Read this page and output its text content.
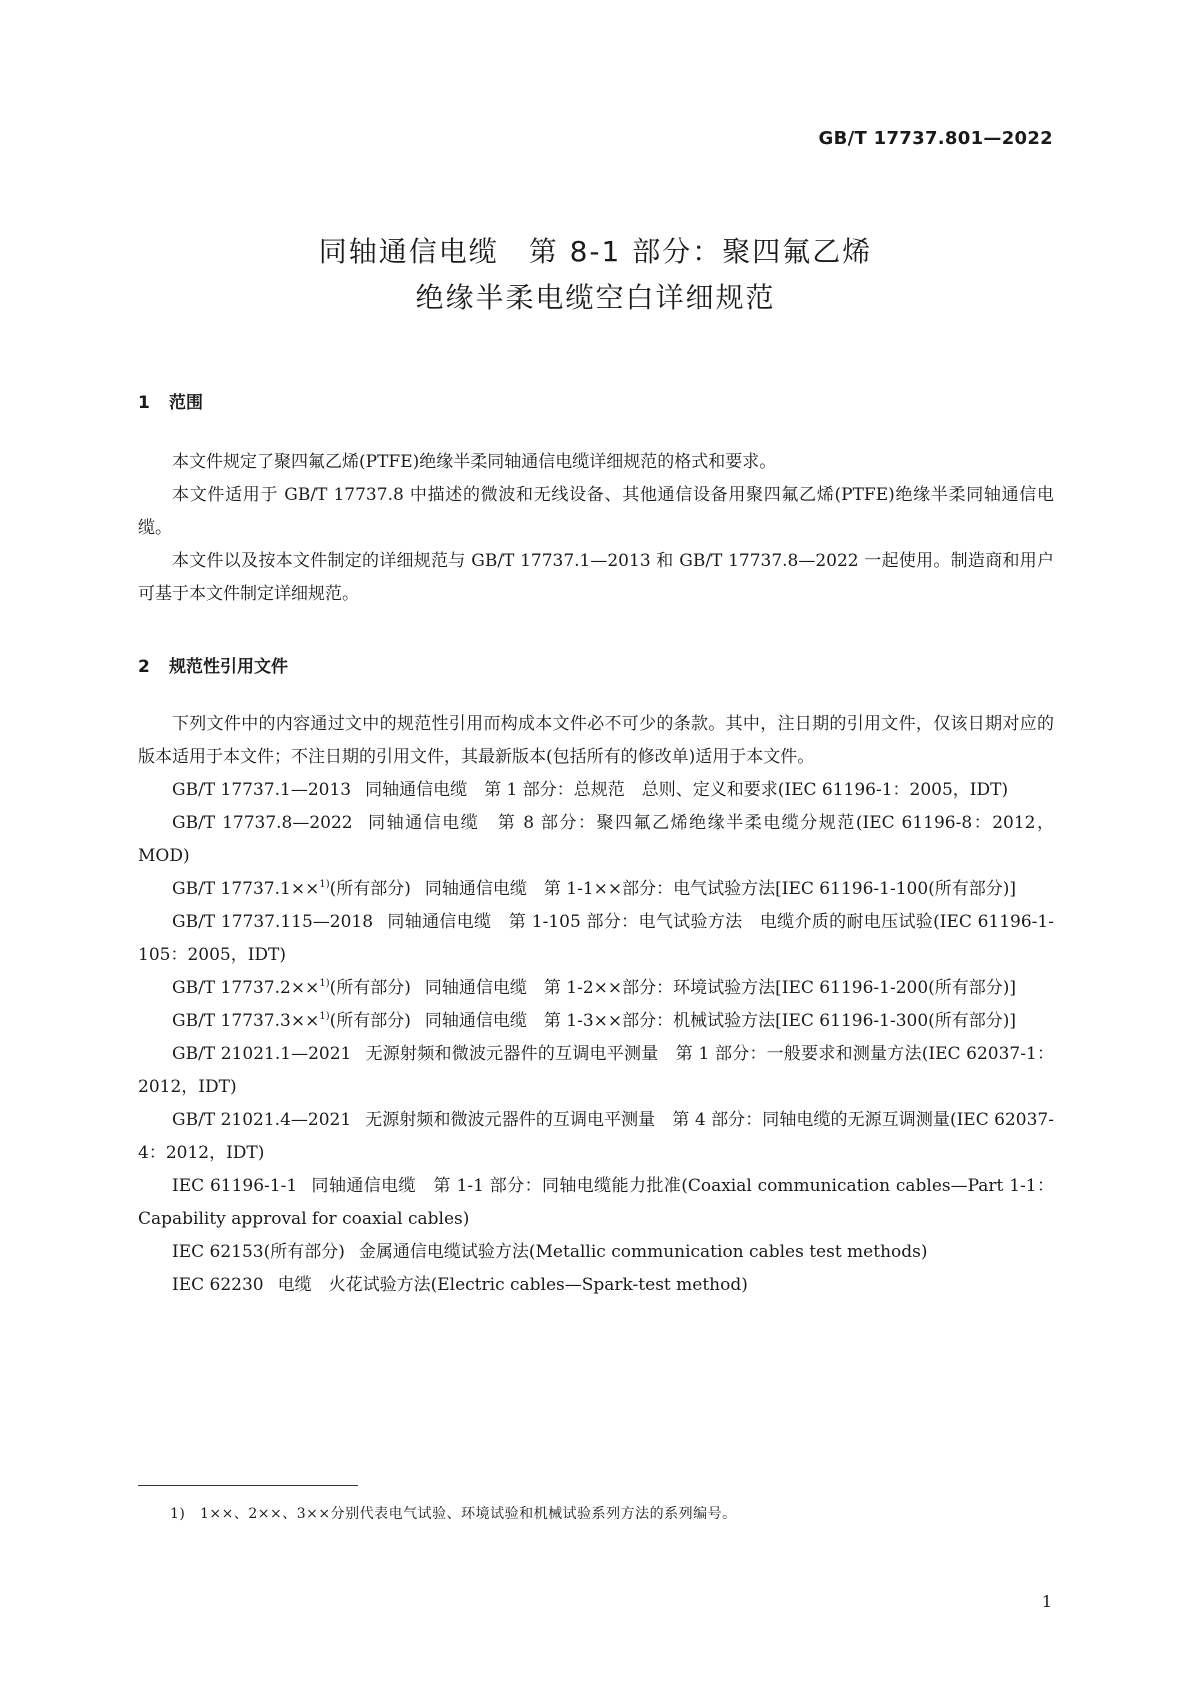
GB/T 17737.801—2022
同轴通信电缆　第 8-1 部分：聚四氟乙烯
绝缘半柔电缆空白详细规范
1 范围

本文件规定了聚四氟乙烯(PTFE)绝缘半柔同轴通信电缆详细规范的格式和要求。

本文件适用于 GB/T 17737.8 中描述的微波和无线设备、其他通信设备用聚四氟乙烯(PTFE)绝缘半柔同轴通信电缆。

本文件以及按本文件制定的详细规范与 GB/T 17737.1—2013 和 GB/T 17737.8—2022 一起使用。制造商和用户可基于本文件制定详细规范。

2 规范性引用文件

下列文件中的内容通过文中的规范性引用而构成本文件必不可少的条款。其中，注日期的引用文件，仅该日期对应的版本适用于本文件；不注日期的引用文件，其最新版本(包括所有的修改单)适用于本文件。

GB/T 17737.1—2013 同轴通信电缆　第 1 部分：总规范　总则、定义和要求(IEC 61196-1：2005，IDT)

GB/T 17737.8—2022 同轴通信电缆　第 8 部分：聚四氟乙烯绝缘半柔电缆分规范(IEC 61196-8：2012，MOD)

GB/T 17737.1××$^{1)}$(所有部分) 同轴通信电缆　第 1-1××部分：电气试验方法[IEC 61196-1-100(所有部分)]

GB/T 17737.115—2018 同轴通信电缆　第 1-105 部分：电气试验方法　电缆介质的耐电压试验(IEC 61196-1-105：2005，IDT)

GB/T 17737.2××$^{1)}$(所有部分) 同轴通信电缆　第 1-2××部分：环境试验方法[IEC 61196-1-200(所有部分)]

GB/T 17737.3××$^{1)}$(所有部分) 同轴通信电缆　第 1-3××部分：机械试验方法[IEC 61196-1-300(所有部分)]

GB/T 21021.1—2021 无源射频和微波元器件的互调电平测量　第 1 部分：一般要求和测量方法(IEC 62037-1：2012，IDT)

GB/T 21021.4—2021 无源射频和微波元器件的互调电平测量　第 4 部分：同轴电缆的无源互调测量(IEC 62037-4：2012，IDT)

IEC 61196-1-1 同轴通信电缆　第 1-1 部分：同轴电缆能力批准(Coaxial communication cables—Part 1-1：Capability approval for coaxial cables)

IEC 62153(所有部分) 金属通信电缆试验方法(Metallic communication cables test methods)

IEC 62230 电缆　火花试验方法(Electric cables—Spark-test method)

1) 1××、2××、3××分别代表电气试验、环境试验和机械试验系列方法的系列编号。
1
